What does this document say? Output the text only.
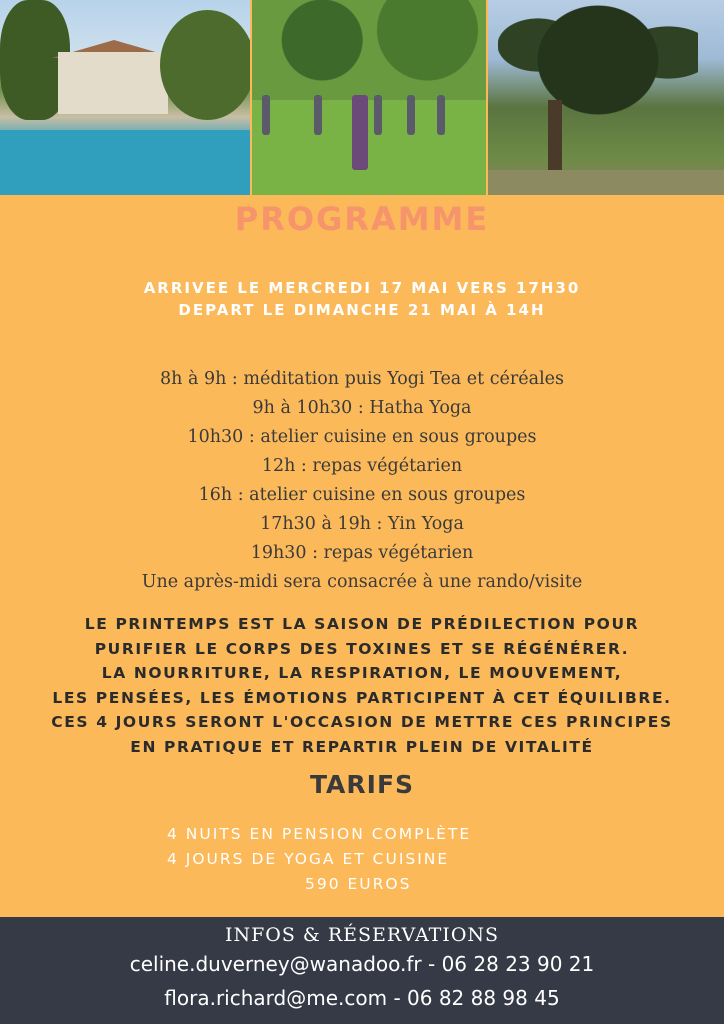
PROGRAMME
ARRIVEE LE MERCREDI 17 MAI VERS 17H30
DEPART LE DIMANCHE 21 MAI À 14H
8h à 9h : méditation puis Yogi Tea et céréales
9h à 10h30 : Hatha Yoga
10h30 : atelier cuisine en sous groupes
12h : repas végétarien
16h : atelier cuisine en sous groupes
17h30 à 19h : Yin Yoga
19h30 : repas végétarien
Une après-midi sera consacrée à une rando/visite
LE PRINTEMPS EST LA SAISON DE PRÉDILECTION POUR
PURIFIER LE CORPS DES TOXINES ET SE RÉGÉNÉRER.
LA NOURRITURE, LA RESPIRATION, LE MOUVEMENT,
LES PENSÉES, LES ÉMOTIONS PARTICIPENT À CET ÉQUILIBRE.
CES 4 JOURS SERONT L'OCCASION DE METTRE CES PRINCIPES
EN PRATIQUE ET REPARTIR PLEIN DE VITALITÉ
TARIFS
4 NUITS EN PENSION COMPLÈTE
4 JOURS DE YOGA ET CUISINE
590 EUROS
INFOS & RÉSERVATIONS
celine.duverney@wanadoo.fr - 06 28 23 90 21
flora.richard@me.com - 06 82 88 98 45
